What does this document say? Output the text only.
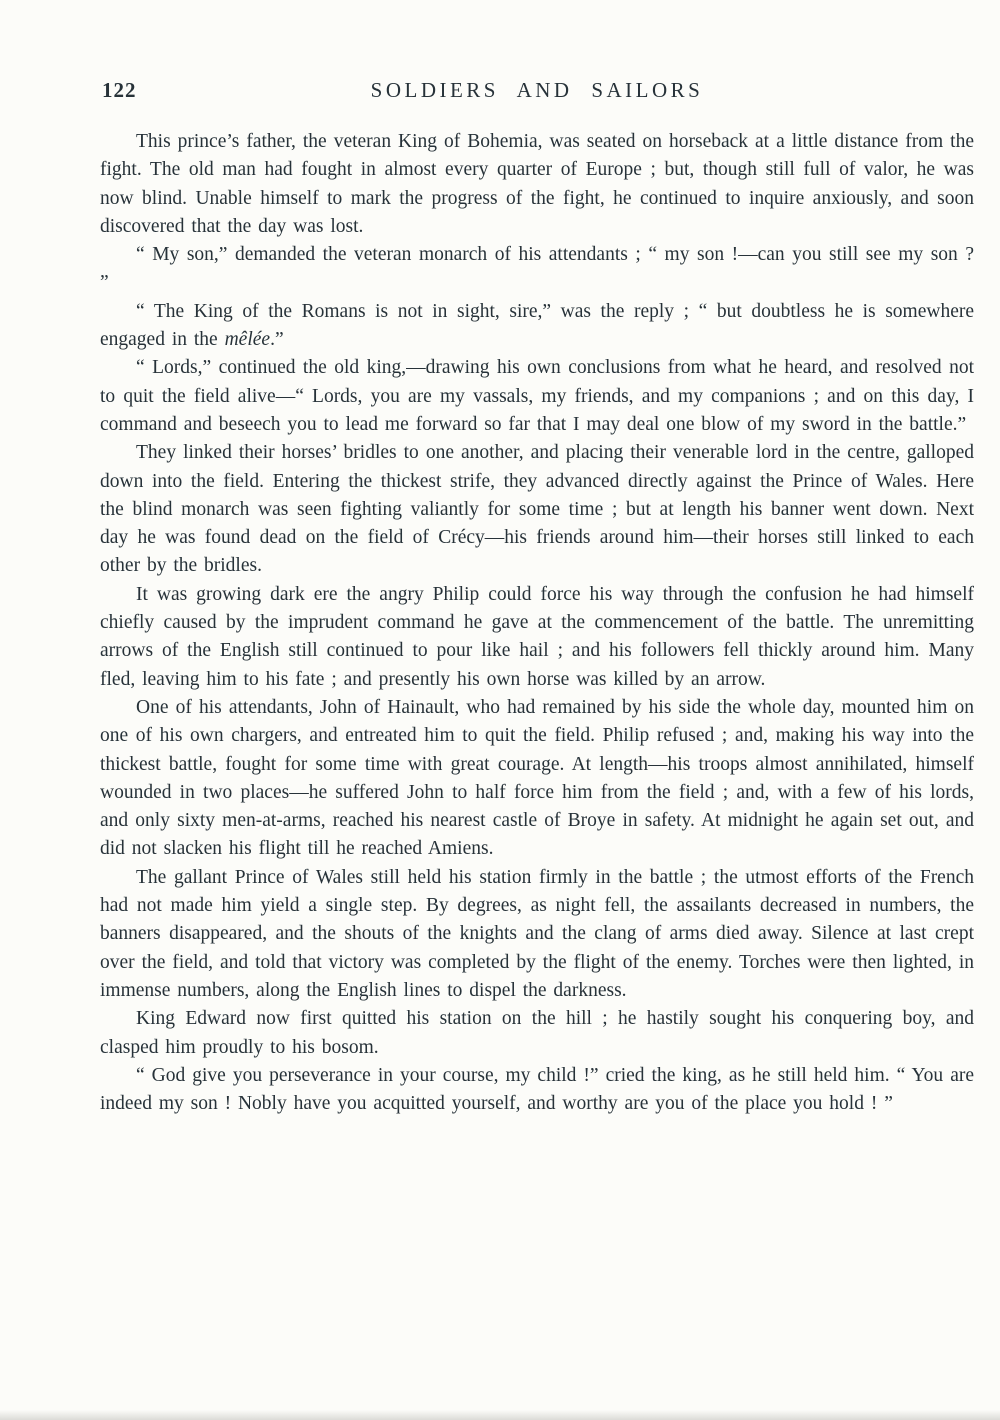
122	SOLDIERS AND SAILORS

This prince’s father, the veteran King of Bohemia, was seated on horseback at a little distance from the fight. The old man had fought in almost every quarter of Europe ; but, though still full of valor, he was now blind. Unable himself to mark the progress of the fight, he continued to inquire anxiously, and soon discovered that the day was lost.

“ My son,” demanded the veteran monarch of his attendants ; “ my son !—can you still see my son ? ”

“ The King of the Romans is not in sight, sire,” was the reply ; “ but doubtless he is somewhere engaged in the mêlée.”

“ Lords,” continued the old king,—drawing his own conclusions from what he heard, and resolved not to quit the field alive—“ Lords, you are my vassals, my friends, and my companions ; and on this day, I command and beseech you to lead me forward so far that I may deal one blow of my sword in the battle.”

They linked their horses’ bridles to one another, and placing their venerable lord in the centre, galloped down into the field. Entering the thickest strife, they advanced directly against the Prince of Wales. Here the blind monarch was seen fighting valiantly for some time ; but at length his banner went down. Next day he was found dead on the field of Crécy—his friends around him—their horses still linked to each other by the bridles.

It was growing dark ere the angry Philip could force his way through the confusion he had himself chiefly caused by the imprudent command he gave at the commencement of the battle. The unremitting arrows of the English still continued to pour like hail ; and his followers fell thickly around him. Many fled, leaving him to his fate ; and presently his own horse was killed by an arrow.

One of his attendants, John of Hainault, who had remained by his side the whole day, mounted him on one of his own chargers, and entreated him to quit the field. Philip refused ; and, making his way into the thickest battle, fought for some time with great courage. At length—his troops almost annihilated, himself wounded in two places—he suffered John to half force him from the field ; and, with a few of his lords, and only sixty men-at-arms, reached his nearest castle of Broye in safety. At midnight he again set out, and did not slacken his flight till he reached Amiens.

The gallant Prince of Wales still held his station firmly in the battle ; the utmost efforts of the French had not made him yield a single step. By degrees, as night fell, the assailants decreased in numbers, the banners disappeared, and the shouts of the knights and the clang of arms died away. Silence at last crept over the field, and told that victory was completed by the flight of the enemy. Torches were then lighted, in immense numbers, along the English lines to dispel the darkness.

King Edward now first quitted his station on the hill ; he hastily sought his conquering boy, and clasped him proudly to his bosom.

“ God give you perseverance in your course, my child !” cried the king, as he still held him. “ You are indeed my son ! Nobly have you acquitted yourself, and worthy are you of the place you hold ! ”
